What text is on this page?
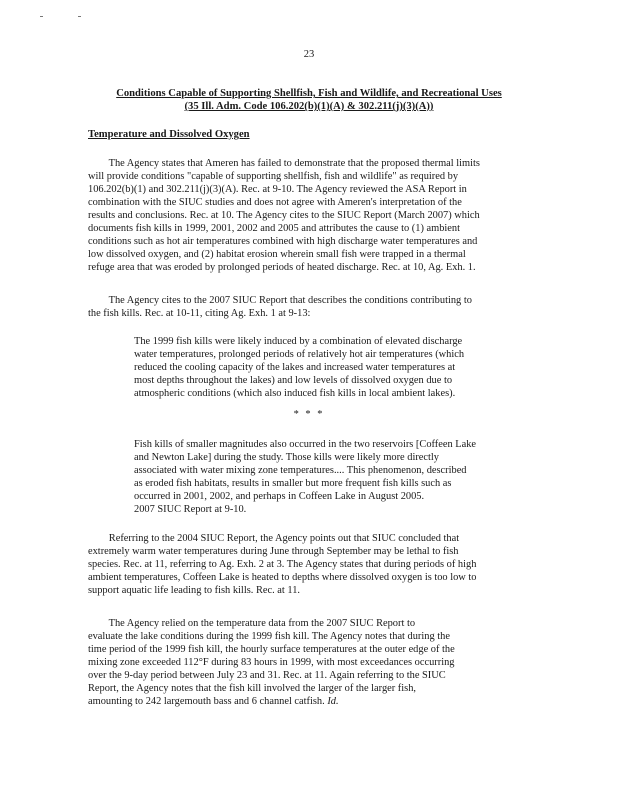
23
Conditions Capable of Supporting Shellfish, Fish and Wildlife, and Recreational Uses
(35 Ill. Adm. Code 106.202(b)(1)(A) & 302.211(j)(3)(A))
Temperature and Dissolved Oxygen
The Agency states that Ameren has failed to demonstrate that the proposed thermal limits
will provide conditions "capable of supporting shellfish, fish and wildlife" as required by
106.202(b)(1) and 302.211(j)(3)(A). Rec. at 9-10. The Agency reviewed the ASA Report in
combination with the SIUC studies and does not agree with Ameren's interpretation of the
results and conclusions. Rec. at 10. The Agency cites to the SIUC Report (March 2007) which
documents fish kills in 1999, 2001, 2002 and 2005 and attributes the cause to (1) ambient
conditions such as hot air temperatures combined with high discharge water temperatures and
low dissolved oxygen, and (2) habitat erosion wherein small fish were trapped in a thermal
refuge area that was eroded by prolonged periods of heated discharge. Rec. at 10, Ag. Exh. 1.
The Agency cites to the 2007 SIUC Report that describes the conditions contributing to
the fish kills. Rec. at 10-11, citing Ag. Exh. 1 at 9-13:
The 1999 fish kills were likely induced by a combination of elevated discharge
water temperatures, prolonged periods of relatively hot air temperatures (which
reduced the cooling capacity of the lakes and increased water temperatures at
most depths throughout the lakes) and low levels of dissolved oxygen due to
atmospheric conditions (which also induced fish kills in local ambient lakes).
* * *
Fish kills of smaller magnitudes also occurred in the two reservoirs [Coffeen Lake
and Newton Lake] during the study. Those kills were likely more directly
associated with water mixing zone temperatures.... This phenomenon, described
as eroded fish habitats, results in smaller but more frequent fish kills such as
occurred in 2001, 2002, and perhaps in Coffeen Lake in August 2005.
2007 SIUC Report at 9-10.
Referring to the 2004 SIUC Report, the Agency points out that SIUC concluded that
extremely warm water temperatures during June through September may be lethal to fish
species. Rec. at 11, referring to Ag. Exh. 2 at 3. The Agency states that during periods of high
ambient temperatures, Coffeen Lake is heated to depths where dissolved oxygen is too low to
support aquatic life leading to fish kills. Rec. at 11.
The Agency relied on the temperature data from the 2007 SIUC Report to
evaluate the lake conditions during the 1999 fish kill. The Agency notes that during the
time period of the 1999 fish kill, the hourly surface temperatures at the outer edge of the
mixing zone exceeded 112°F during 83 hours in 1999, with most exceedances occurring
over the 9-day period between July 23 and 31. Rec. at 11. Again referring to the SIUC
Report, the Agency notes that the fish kill involved the larger of the larger fish,
amounting to 242 largemouth bass and 6 channel catfish. Id.
